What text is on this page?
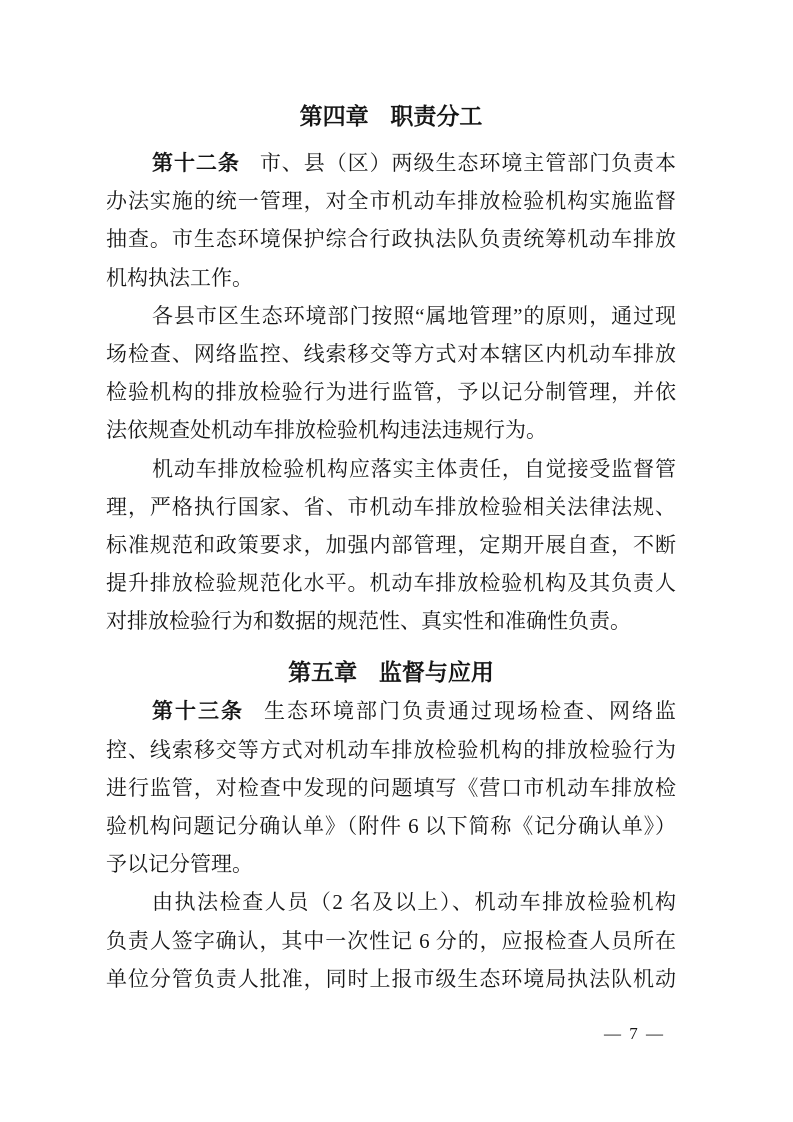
第四章 职责分工
第十二条 市、县（区）两级生态环境主管部门负责本
办法实施的统一管理，对全市机动车排放检验机构实施监督
抽查。市生态环境保护综合行政执法队负责统筹机动车排放
机构执法工作。
各县市区生态环境部门按照“属地管理”的原则，通过现
场检查、网络监控、线索移交等方式对本辖区内机动车排放
检验机构的排放检验行为进行监管，予以记分制管理，并依
法依规查处机动车排放检验机构违法违规行为。
机动车排放检验机构应落实主体责任，自觉接受监督管
理，严格执行国家、省、市机动车排放检验相关法律法规、
标准规范和政策要求，加强内部管理，定期开展自查，不断
提升排放检验规范化水平。机动车排放检验机构及其负责人
对排放检验行为和数据的规范性、真实性和准确性负责。
第五章 监督与应用
第十三条 生态环境部门负责通过现场检查、网络监
控、线索移交等方式对机动车排放检验机构的排放检验行为
进行监管，对检查中发现的问题填写《营口市机动车排放检
验机构问题记分确认单》（附件 6 以下简称《记分确认单》）
予以记分管理。
由执法检查人员（2 名及以上）、机动车排放检验机构
负责人签字确认，其中一次性记 6 分的，应报检查人员所在
单位分管负责人批准，同时上报市级生态环境局执法队机动
— 7 —
